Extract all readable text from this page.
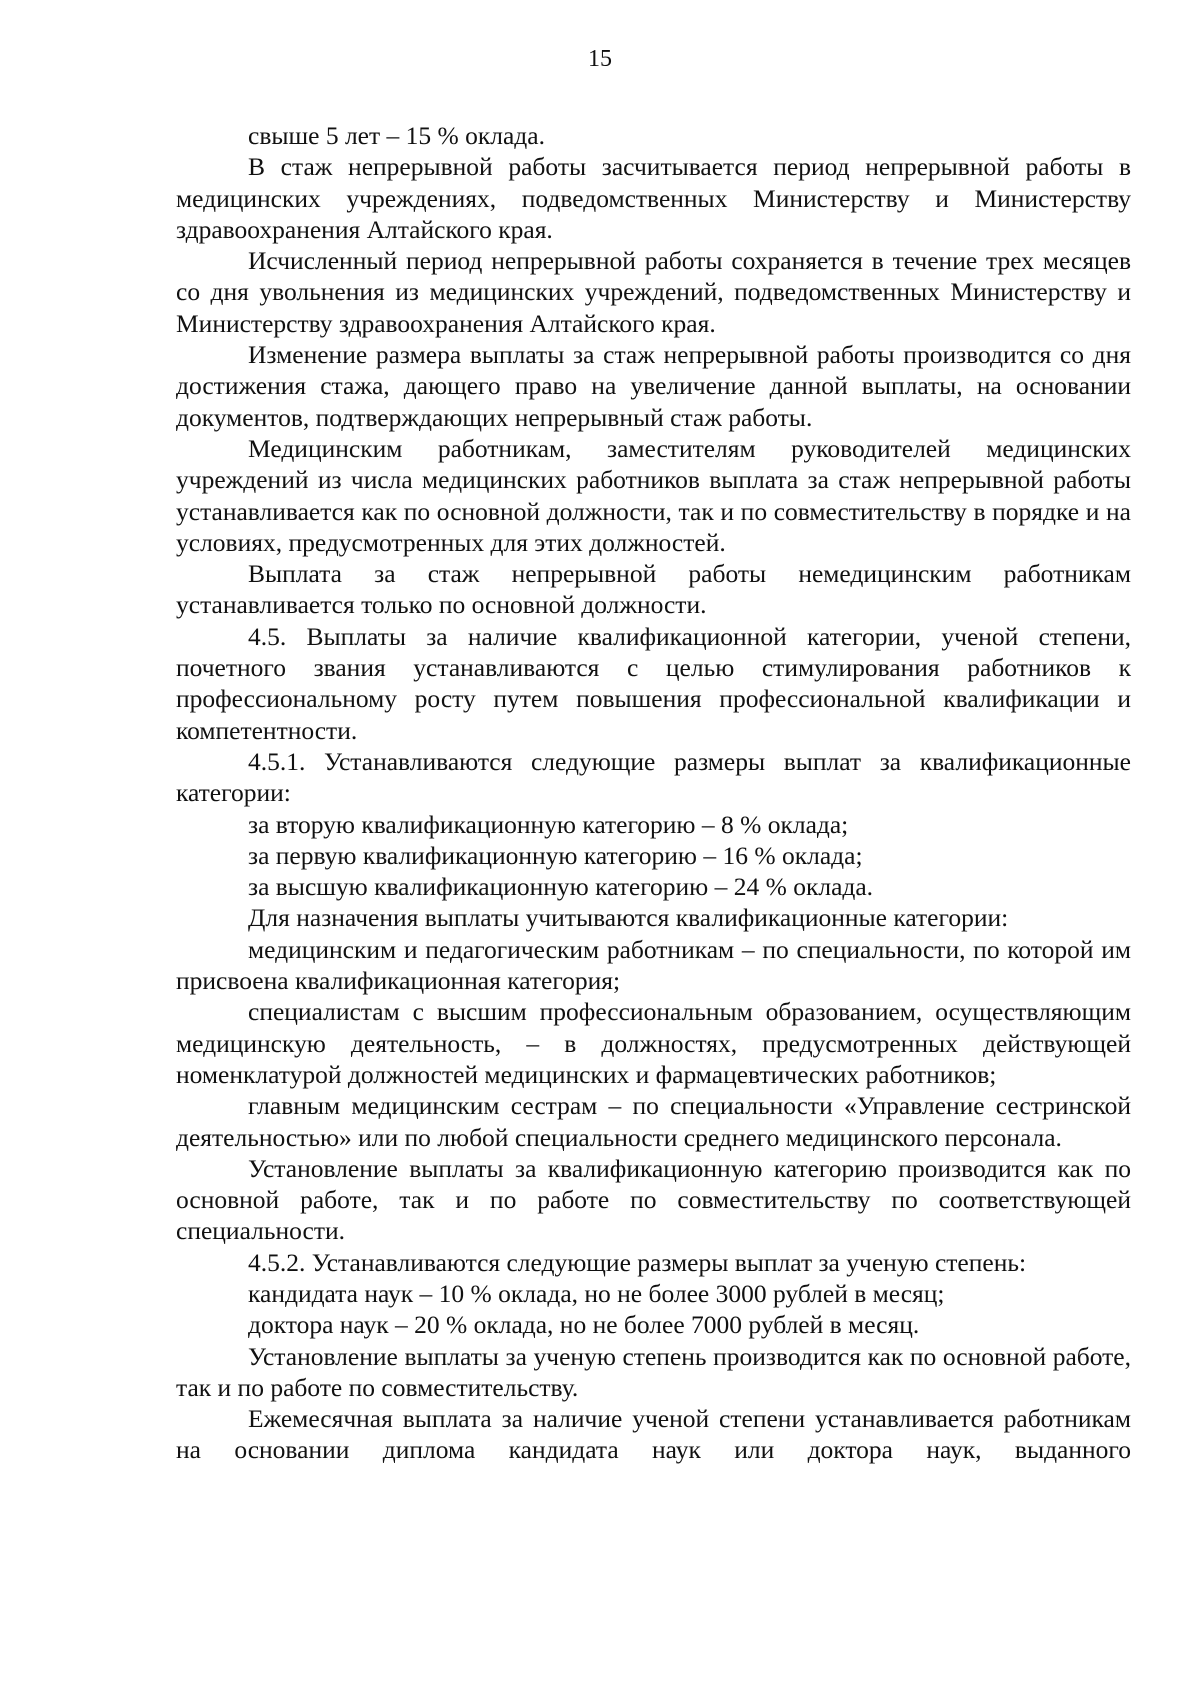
15

свыше 5 лет – 15 % оклада.

В стаж непрерывной работы засчитывается период непрерывной работы в медицинских учреждениях, подведомственных Министерству и Министерству здравоохранения Алтайского края.

Исчисленный период непрерывной работы сохраняется в течение трех месяцев со дня увольнения из медицинских учреждений, подведомственных Министерству и Министерству здравоохранения Алтайского края.

Изменение размера выплаты за стаж непрерывной работы производится со дня достижения стажа, дающего право на увеличение данной выплаты, на основании документов, подтверждающих непрерывный стаж работы.

Медицинским работникам, заместителям руководителей медицинских учреждений из числа медицинских работников выплата за стаж непрерывной работы устанавливается как по основной должности, так и по совместительству в порядке и на условиях, предусмотренных для этих должностей.

Выплата за стаж непрерывной работы немедицинским работникам устанавливается только по основной должности.

4.5. Выплаты за наличие квалификационной категории, ученой степени, почетного звания устанавливаются с целью стимулирования работников к профессиональному росту путем повышения профессиональной квалификации и компетентности.

4.5.1. Устанавливаются следующие размеры выплат за квалификационные категории:

за вторую квалификационную категорию – 8 % оклада;

за первую квалификационную категорию – 16 % оклада;

за высшую квалификационную категорию – 24 % оклада.

Для назначения выплаты учитываются квалификационные категории:

медицинским и педагогическим работникам – по специальности, по которой им присвоена квалификационная категория;

специалистам с высшим профессиональным образованием, осуществляющим медицинскую деятельность, – в должностях, предусмотренных действующей номенклатурой должностей медицинских и фармацевтических работников;

главным медицинским сестрам – по специальности «Управление сестринской деятельностью» или по любой специальности среднего медицинского персонала.

Установление выплаты за квалификационную категорию производится как по основной работе, так и по работе по совместительству по соответствующей специальности.

4.5.2. Устанавливаются следующие размеры выплат за ученую степень:

кандидата наук – 10 % оклада, но не более 3000 рублей в месяц;

доктора наук – 20 % оклада, но не более 7000 рублей в месяц.

Установление выплаты за ученую степень производится как по основной работе, так и по работе по совместительству.

Ежемесячная выплата за наличие ученой степени устанавливается работникам на основании диплома кандидата наук или доктора наук, выданного
